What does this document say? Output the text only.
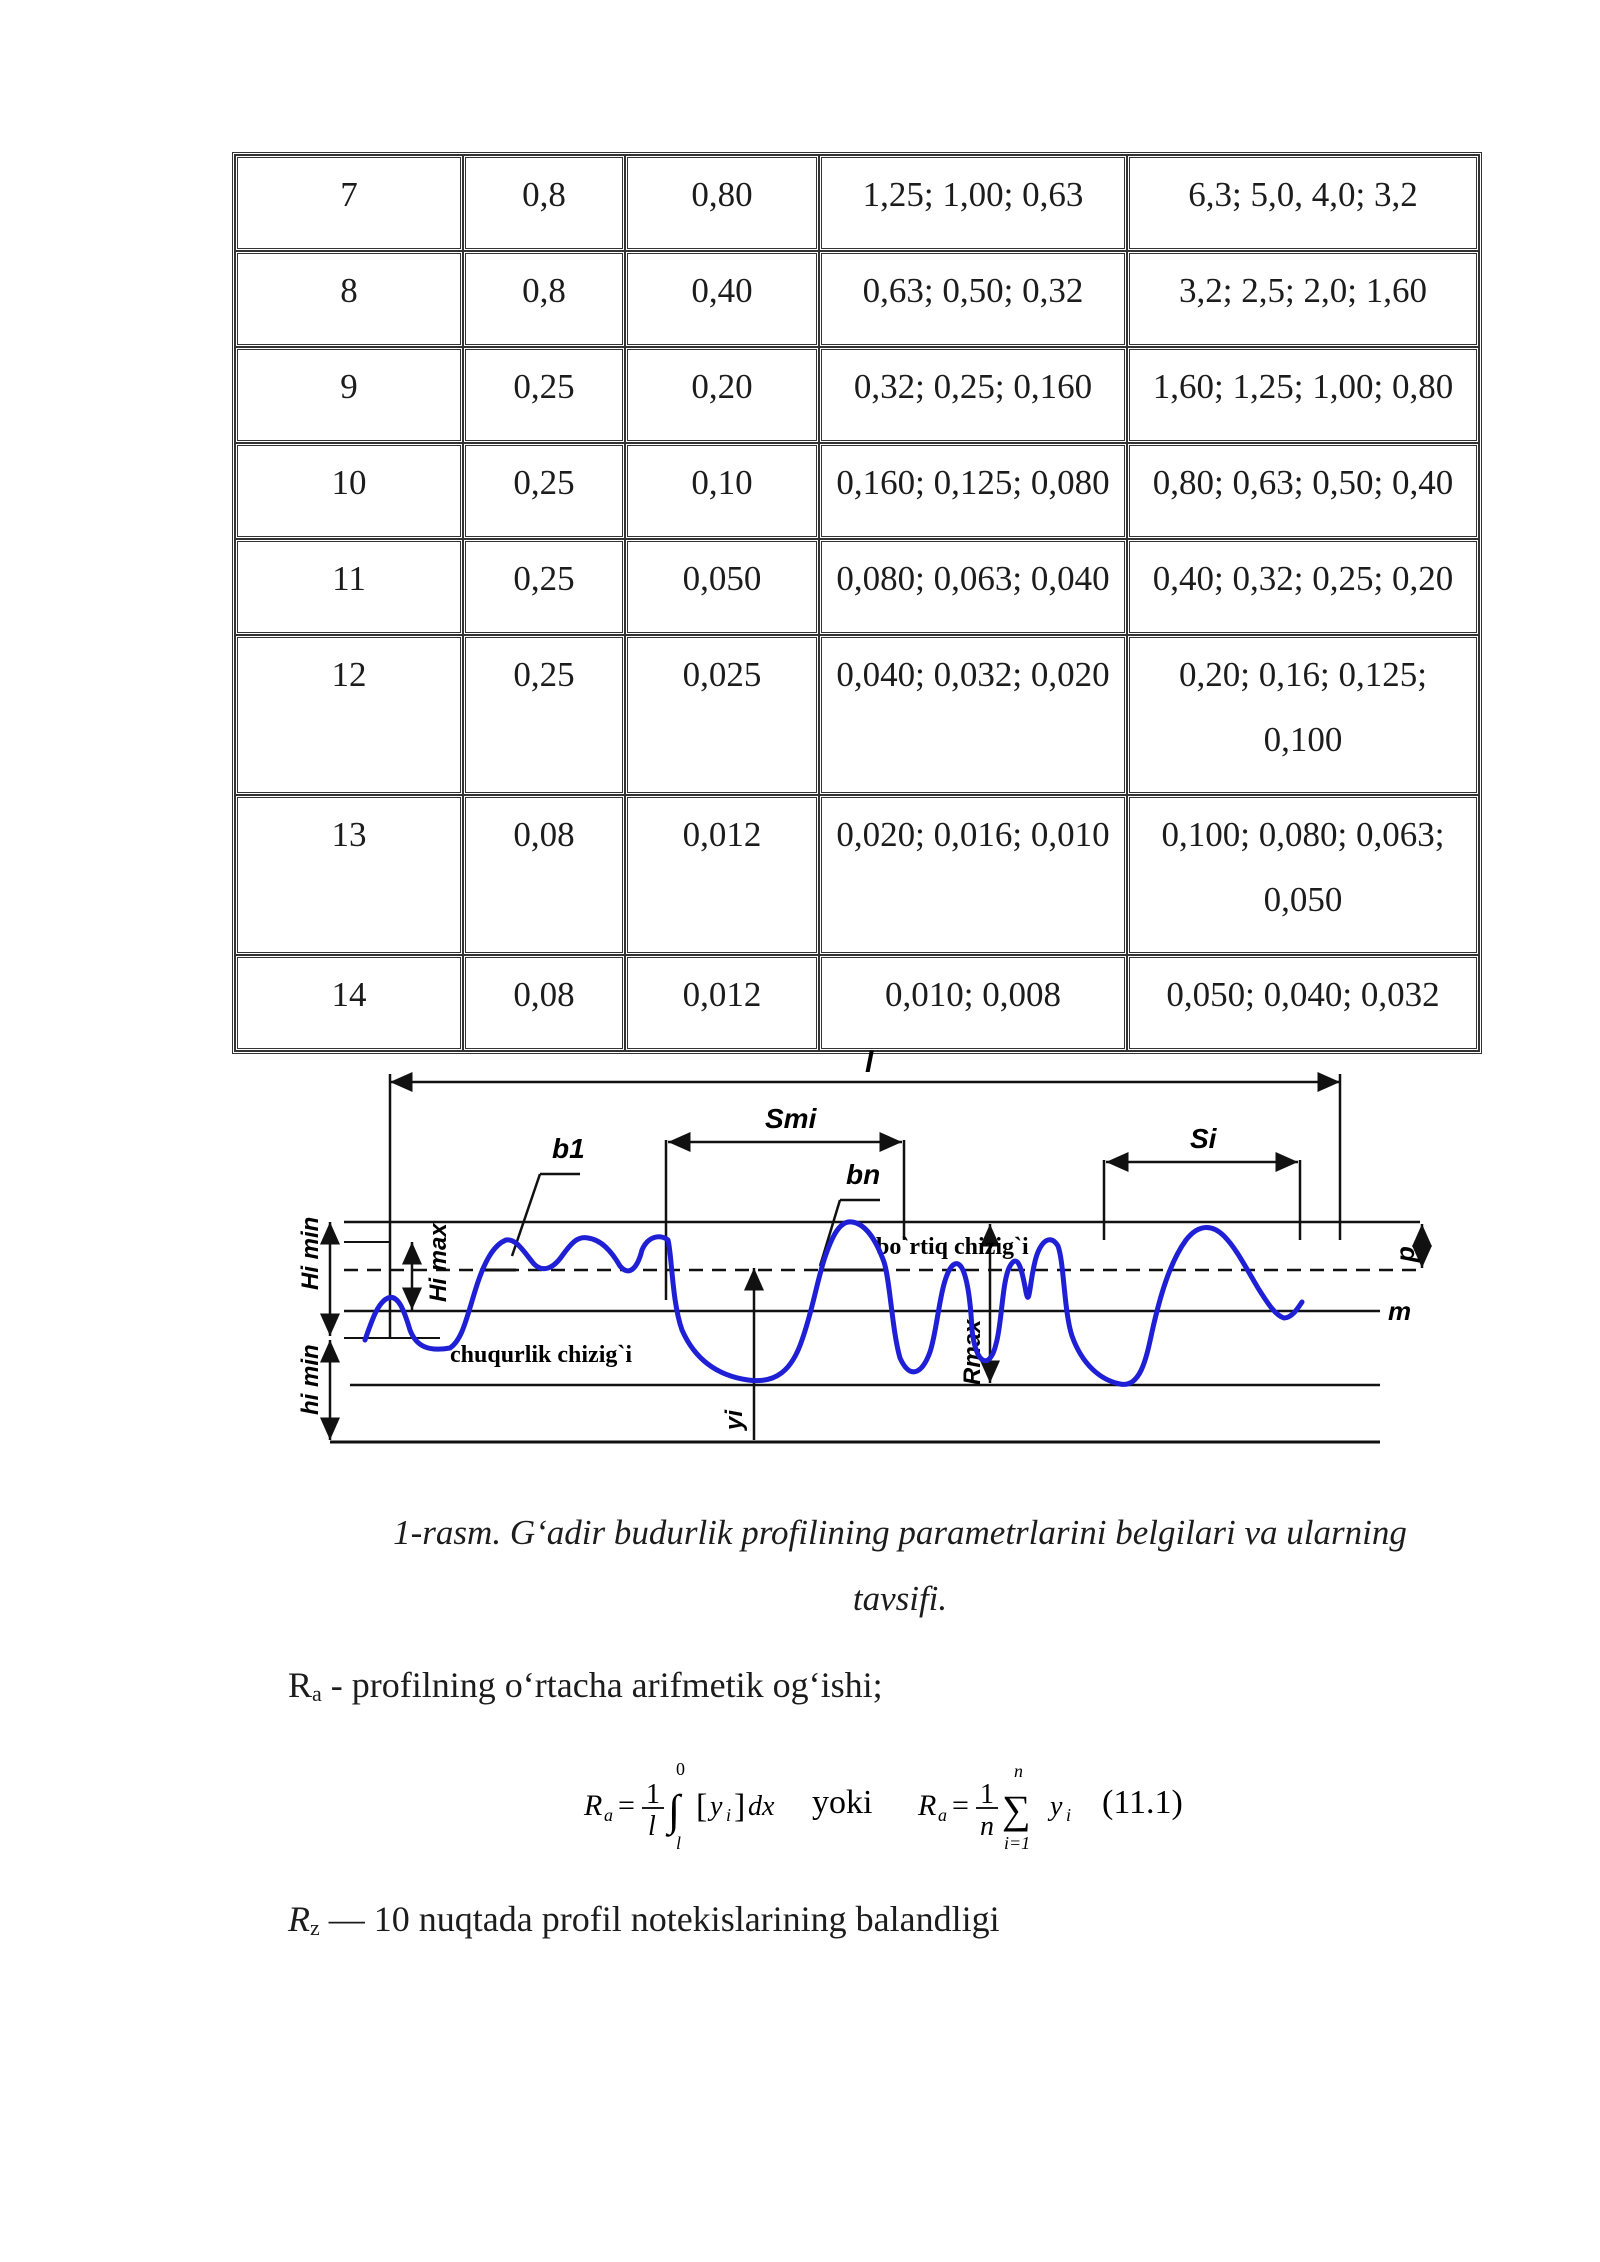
7	0,8	0,80	1,25; 1,00; 0,63	6,3; 5,0, 4,0; 3,2
8	0,8	0,40	0,63; 0,50; 0,32	3,2; 2,5; 2,0; 1,60
9	0,25	0,20	0,32; 0,25; 0,160	1,60; 1,25; 1,00; 0,80
10	0,25	0,10	0,160; 0,125; 0,080	0,80; 0,63; 0,50; 0,40
11	0,25	0,050	0,080; 0,063; 0,040	0,40; 0,32; 0,25; 0,20
12	0,25	0,025	0,040; 0,032; 0,020	0,20; 0,16; 0,125;
0,100
13	0,08	0,012	0,020; 0,016; 0,010	0,100; 0,080; 0,063;
0,050
14	0,08	0,012	0,010; 0,008	0,050; 0,040; 0,032
l
Smi
Si
Hi min
hi min
Hi max
yi
Rmax
p
m
b1
bn
bo`rtiq chizig`i
chuqurlik chizig`i
1-rasm. G‘adir budurlik profilining parametrlarini belgilari va ularning
tavsifi.
Ra - profilning o‘rtacha arifmetik og‘ishi;
R a = 1
l ∫
0
l
[ y i ] dx yoki R a = 1
n ∑
n
i=1
y i (11.1)
Rz — 10 nuqtada profil notekislarining balandligi
